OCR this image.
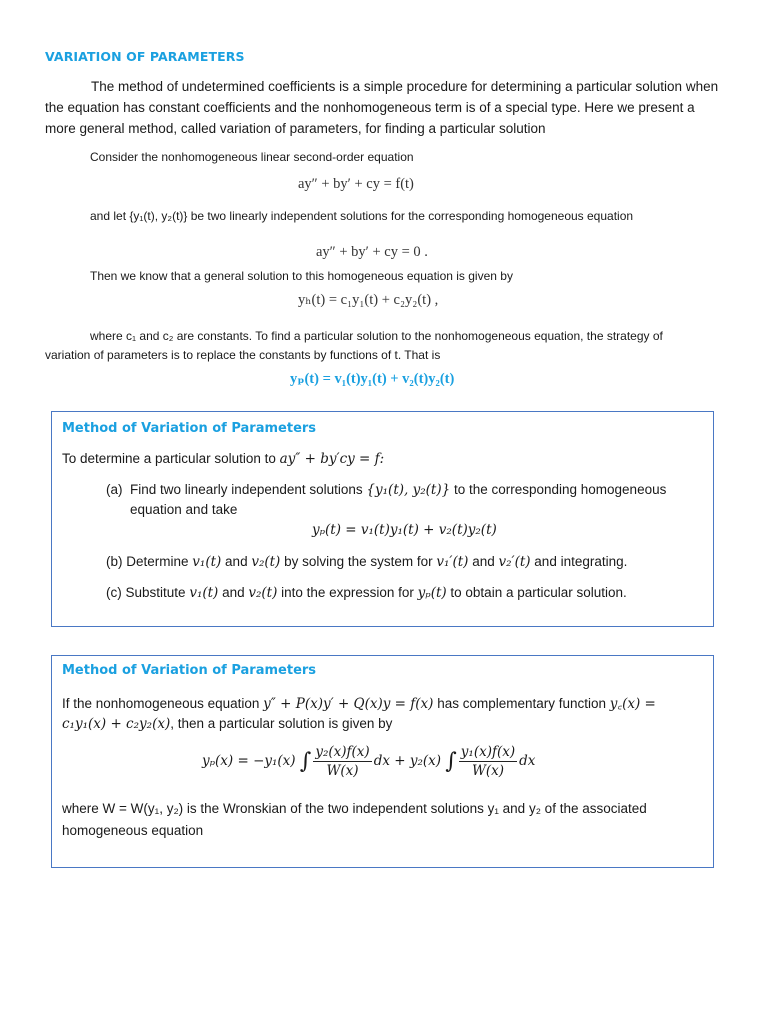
VARIATION OF PARAMETERS
The method of undetermined coefficients is a simple procedure for determining a particular solution when the equation has constant coefficients and the nonhomogeneous term is of a special type. Here we present a more general method, called variation of parameters, for finding a particular solution
Consider the nonhomogeneous linear second-order equation
ay″ + by′ + cy = f(t)
and let {y₁(t), y₂(t)} be two linearly independent solutions for the corresponding homogeneous equation
ay″ + by′ + cy = 0 .
Then we know that a general solution to this homogeneous equation is given by
yₕ(t) = c₁y₁(t) + c₂y₂(t) ,
where c₁ and c₂ are constants. To find a particular solution to the nonhomogeneous equation, the strategy of
variation of parameters is to replace the constants by functions of t. That is
yₚ(t) = v₁(t)y₁(t) + v₂(t)y₂(t)
Method of Variation of Parameters
To determine a particular solution to ay″ + by′cy = f:
(a) Find two linearly independent solutions {y₁(t), y₂(t)} to the corresponding homogeneous
equation and take
yₚ(t) = v₁(t)y₁(t) + v₂(t)y₂(t)
(b) Determine v₁(t) and v₂(t) by solving the system for v₁′(t) and v₂′(t) and integrating.
(c) Substitute v₁(t) and v₂(t) into the expression for yₚ(t) to obtain a particular solution.
Method of Variation of Parameters
If the nonhomogeneous equation y″ + P(x)y′ + Q(x)y = f(x) has complementary function y꜀(x) =
c₁y₁(x) + c₂y₂(x), then a particular solution is given by
yₚ(x) = −y₁(x) ∫ $\frac{\text{y₂(x)f(x)}}{W(x)}$ dx + y₂(x) ∫ $\frac{\text{y₁(x)f(x)}}{W(x)}$ dx
where W = W(y₁, y₂) is the Wronskian of the two independent solutions y₁ and y₂ of the associated
homogeneous equation
